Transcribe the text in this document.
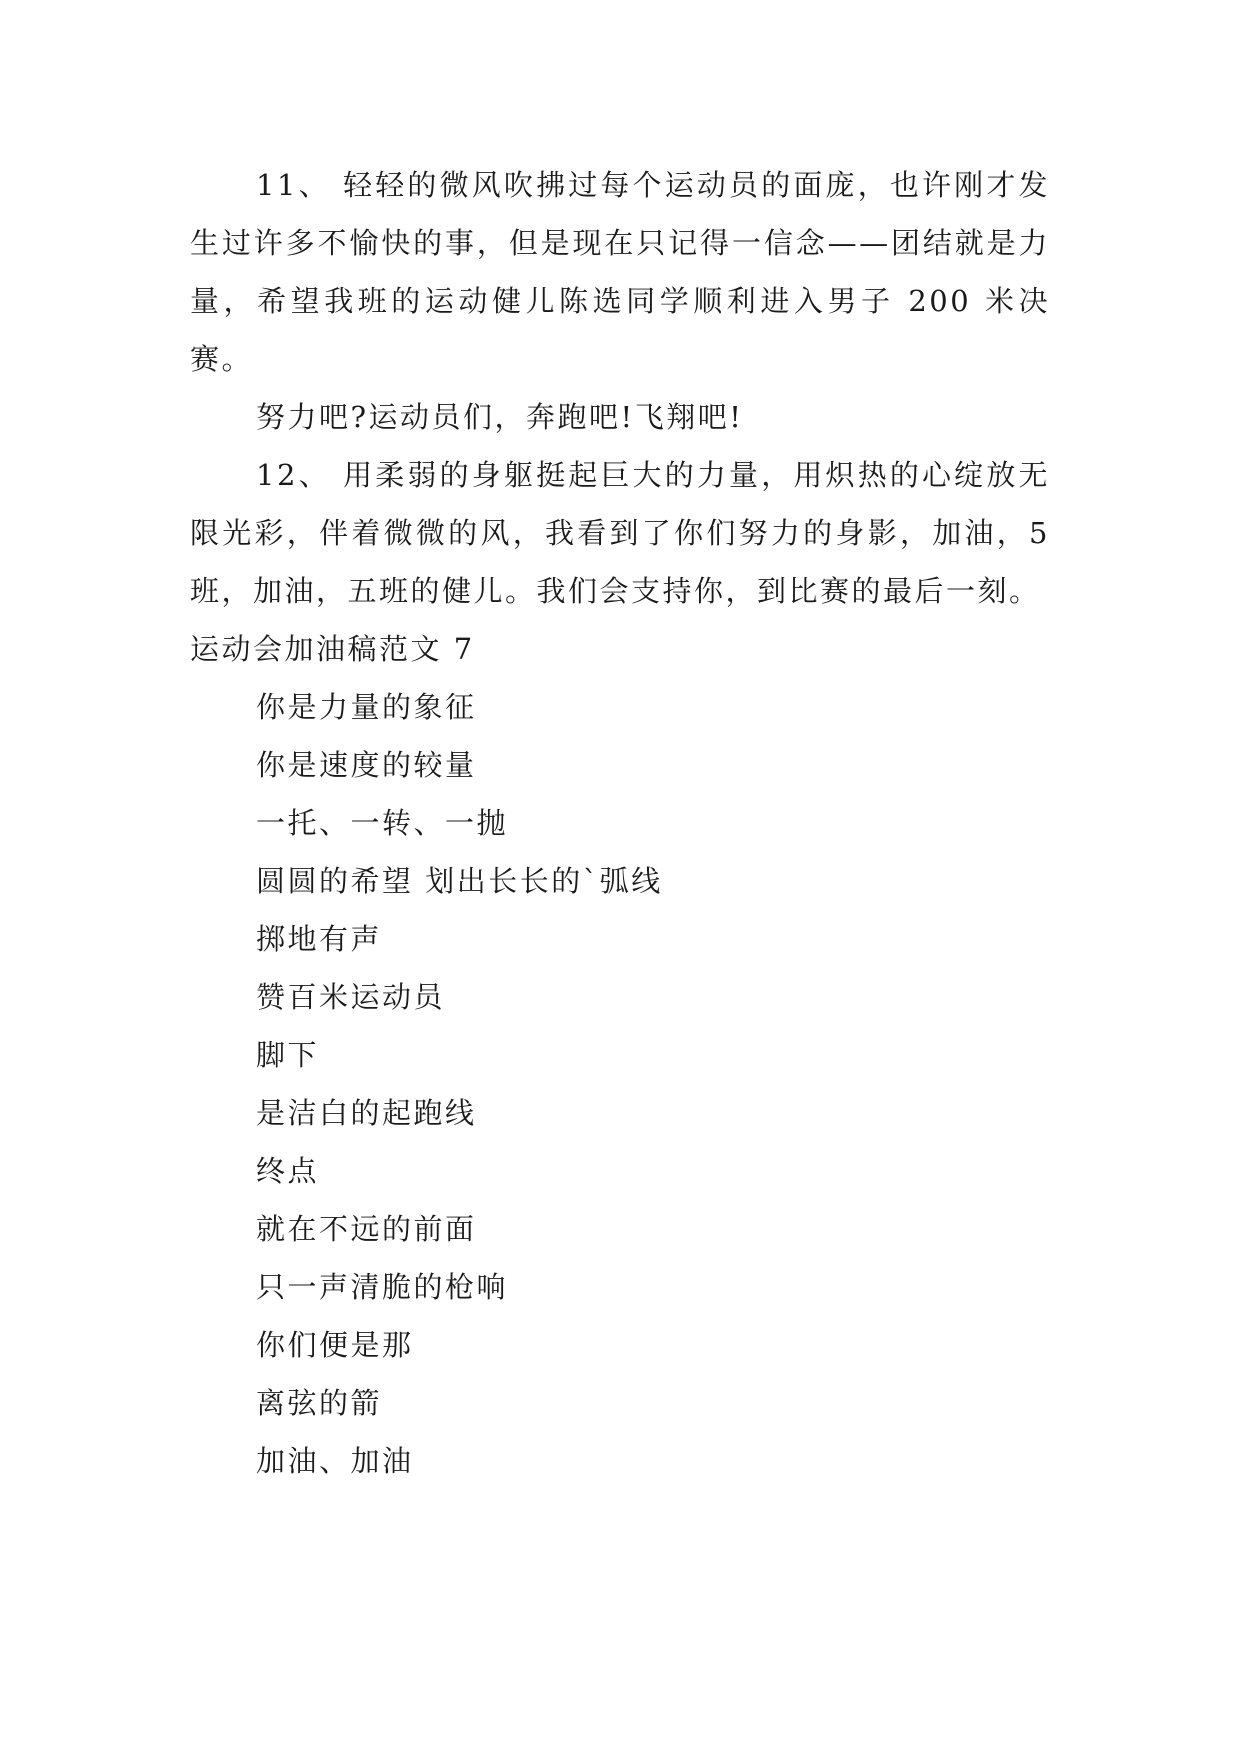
11、 轻轻的微风吹拂过每个运动员的面庞，也许刚才发生过许多不愉快的事，但是现在只记得一信念——团结就是力量，希望我班的运动健儿陈选同学顺利进入男子 200 米决赛。

努力吧?运动员们，奔跑吧!飞翔吧!

12、 用柔弱的身躯挺起巨大的力量，用炽热的心绽放无限光彩，伴着微微的风，我看到了你们努力的身影，加油，5 班，加油，五班的健儿。我们会支持你，到比赛的最后一刻。

运动会加油稿范文 7

你是力量的象征

你是速度的较量

一托、一转、一抛

圆圆的希望 划出长长的`弧线

掷地有声

赞百米运动员

脚下

是洁白的起跑线

终点

就在不远的前面

只一声清脆的枪响

你们便是那

离弦的箭

加油、加油
